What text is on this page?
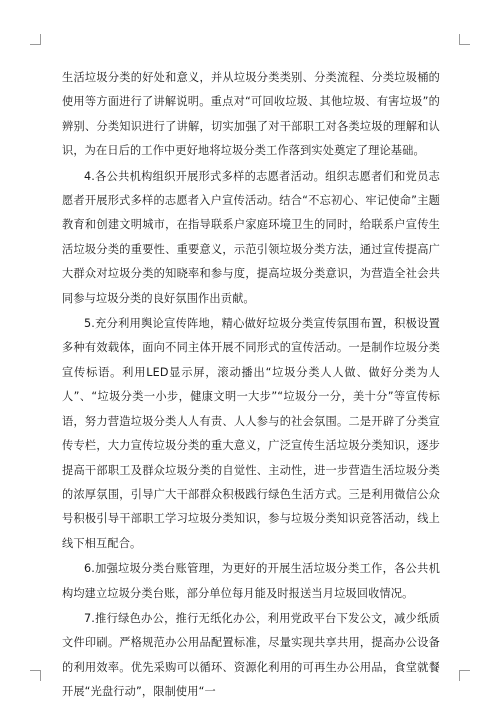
生活垃圾分类的好处和意义，并从垃圾分类类别、分类流程、分类垃圾桶的使用等方面进行了讲解说明。重点对“可回收垃圾、其他垃圾、有害垃圾”的辨别、分类知识进行了讲解，切实加强了对干部职工对各类垃圾的理解和认识，为在日后的工作中更好地将垃圾分类工作落到实处奠定了理论基础。

4.各公共机构组织开展形式多样的志愿者活动。组织志愿者们和党员志愿者开展形式多样的志愿者入户宣传活动。结合“不忘初心、牢记使命”主题教育和创建文明城市，在指导联系户家庭环境卫生的同时，给联系户宣传生活垃圾分类的重要性、重要意义，示范引领垃圾分类方法，通过宣传提高广大群众对垃圾分类的知晓率和参与度，提高垃圾分类意识，为营造全社会共同参与垃圾分类的良好氛围作出贡献。

5.充分利用舆论宣传阵地，精心做好垃圾分类宣传氛围布置，积极设置多种有效载体，面向不同主体开展不同形式的宣传活动。一是制作垃圾分类宣传标语。利用LED显示屏，滚动播出“垃圾分类人人做、做好分类为人人”、“垃圾分类一小步，健康文明一大步”“垃圾分一分，美十分”等宣传标语，努力营造垃圾分类人人有责、人人参与的社会氛围。二是开辟了分类宣传专栏，大力宣传垃圾分类的重大意义，广泛宣传生活垃圾分类知识，逐步提高干部职工及群众垃圾分类的自觉性、主动性，进一步营造生活垃圾分类的浓厚氛围，引导广大干部群众积极践行绿色生活方式。三是利用微信公众号积极引导干部职工学习垃圾分类知识，参与垃圾分类知识竞答活动，线上线下相互配合。

6.加强垃圾分类台账管理，为更好的开展生活垃圾分类工作，各公共机构均建立垃圾分类台账，部分单位每月能及时报送当月垃圾回收情况。

7.推行绿色办公，推行无纸化办公，利用党政平台下发公文，减少纸质文件印刷。严格规范办公用品配置标准，尽量实现共享共用，提高办公设备的利用效率。优先采购可以循环、资源化利用的可再生办公用品，食堂就餐开展“光盘行动”，限制使用“一
